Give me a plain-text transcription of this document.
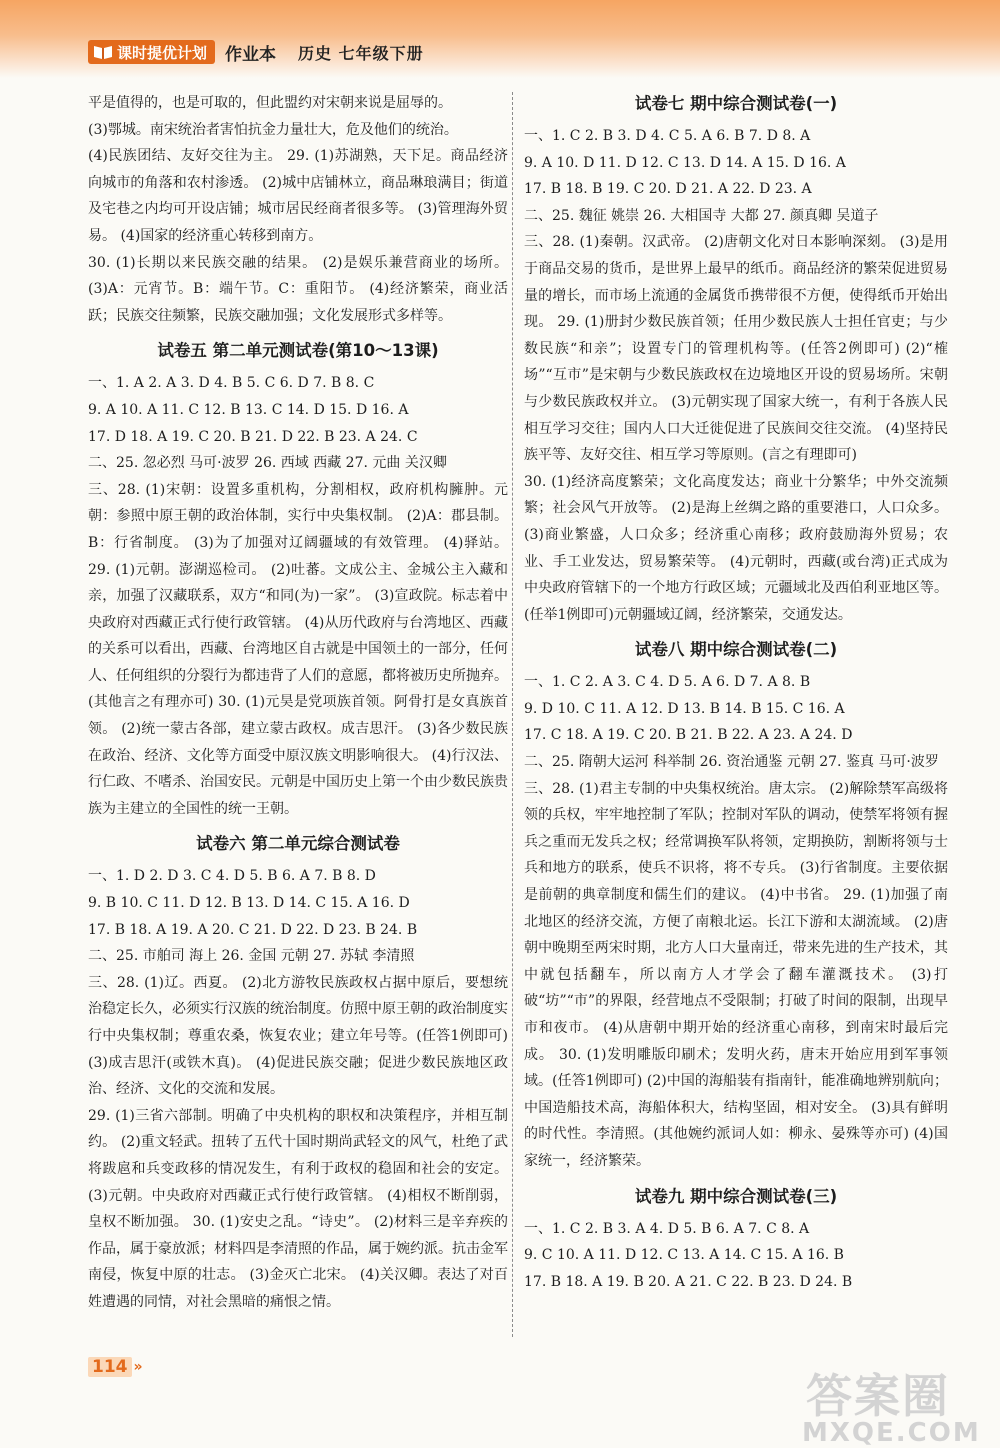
课时提优计划 作业本 历史 七年级下册

平是值得的，也是可取的，但此盟约对宋朝来说是屈辱的。

(3)鄂城。南宋统治者害怕抗金力量壮大，危及他们的统治。

(4)民族团结、友好交往为主。 29. (1)苏湖熟，天下足。商品经济向城市的角落和农村渗透。 (2)城中店铺林立，商品琳琅满目；街道及宅巷之内均可开设店铺；城市居民经商者很多等。 (3)管理海外贸易。 (4)国家的经济重心转移到南方。

30. (1)长期以来民族交融的结果。 (2)是娱乐兼营商业的场所。 (3)A：元宵节。B：端午节。C：重阳节。 (4)经济繁荣，商业活跃；民族交往频繁，民族交融加强；文化发展形式多样等。

试卷五 第二单元测试卷(第10～13课)

一、1. A 2. A 3. D 4. B 5. C 6. D 7. B 8. C

9. A 10. A 11. C 12. B 13. C 14. D 15. D 16. A

17. D 18. A 19. C 20. B 21. D 22. B 23. A 24. C

二、25. 忽必烈 马可·波罗 26. 西域 西藏 27. 元曲 关汉卿

三、28. (1)宋朝：设置多重机构，分割相权，政府机构臃肿。元朝：参照中原王朝的政治体制，实行中央集权制。 (2)A：郡县制。B：行省制度。 (3)为了加强对辽阔疆域的有效管理。 (4)驿站。 29. (1)元朝。澎湖巡检司。 (2)吐蕃。文成公主、金城公主入藏和亲，加强了汉藏联系，双方“和同(为)一家”。 (3)宣政院。标志着中央政府对西藏正式行使行政管辖。 (4)从历代政府与台湾地区、西藏的关系可以看出，西藏、台湾地区自古就是中国领土的一部分，任何人、任何组织的分裂行为都违背了人们的意愿，都将被历史所抛弃。(其他言之有理亦可) 30. (1)元昊是党项族首领。阿骨打是女真族首领。 (2)统一蒙古各部，建立蒙古政权。成吉思汗。 (3)各少数民族在政治、经济、文化等方面受中原汉族文明影响很大。 (4)行汉法、行仁政、不嗜杀、治国安民。元朝是中国历史上第一个由少数民族贵族为主建立的全国性的统一王朝。

试卷六 第二单元综合测试卷

一、1. D 2. D 3. C 4. D 5. B 6. A 7. B 8. D

9. B 10. C 11. D 12. B 13. D 14. C 15. A 16. D

17. B 18. A 19. A 20. C 21. D 22. D 23. B 24. B

二、25. 市舶司 海上 26. 金国 元朝 27. 苏轼 李清照

三、28. (1)辽。西夏。 (2)北方游牧民族政权占据中原后，要想统治稳定长久，必须实行汉族的统治制度。仿照中原王朝的政治制度实行中央集权制；尊重农桑，恢复农业；建立年号等。(任答1例即可) (3)成吉思汗(或铁木真)。 (4)促进民族交融；促进少数民族地区政治、经济、文化的交流和发展。

29. (1)三省六部制。明确了中央机构的职权和决策程序，并相互制约。 (2)重文轻武。扭转了五代十国时期尚武轻文的风气，杜绝了武将跋扈和兵变政移的情况发生，有利于政权的稳固和社会的安定。 (3)元朝。中央政府对西藏正式行使行政管辖。 (4)相权不断削弱，皇权不断加强。 30. (1)安史之乱。“诗史”。 (2)材料三是辛弃疾的作品，属于豪放派；材料四是李清照的作品，属于婉约派。抗击金军南侵，恢复中原的壮志。 (3)金灭亡北宋。 (4)关汉卿。表达了对百姓遭遇的同情，对社会黑暗的痛恨之情。

试卷七 期中综合测试卷(一)

一、1. C 2. B 3. D 4. C 5. A 6. B 7. D 8. A

9. A 10. D 11. D 12. C 13. D 14. A 15. D 16. A

17. B 18. B 19. C 20. D 21. A 22. D 23. A

二、25. 魏征 姚崇 26. 大相国寺 大都 27. 颜真卿 吴道子

三、28. (1)秦朝。汉武帝。 (2)唐朝文化对日本影响深刻。 (3)是用于商品交易的货币，是世界上最早的纸币。商品经济的繁荣促进贸易量的增长，而市场上流通的金属货币携带很不方便，使得纸币开始出现。 29. (1)册封少数民族首领；任用少数民族人士担任官吏；与少数民族“和亲”；设置专门的管理机构等。(任答2例即可) (2)“榷场”“互市”是宋朝与少数民族政权在边境地区开设的贸易场所。宋朝与少数民族政权并立。 (3)元朝实现了国家大统一，有利于各族人民相互学习交往；国内人口大迁徙促进了民族间交往交流。 (4)坚持民族平等、友好交往、相互学习等原则。(言之有理即可)

30. (1)经济高度繁荣；文化高度发达；商业十分繁华；中外交流频繁；社会风气开放等。 (2)是海上丝绸之路的重要港口，人口众多。 (3)商业繁盛，人口众多；经济重心南移；政府鼓励海外贸易；农业、手工业发达，贸易繁荣等。 (4)元朝时，西藏(或台湾)正式成为中央政府管辖下的一个地方行政区域；元疆域北及西伯利亚地区等。(任举1例即可)元朝疆域辽阔，经济繁荣，交通发达。

试卷八 期中综合测试卷(二)

一、1. C 2. A 3. C 4. D 5. A 6. D 7. A 8. B

9. D 10. C 11. A 12. D 13. B 14. B 15. C 16. A

17. C 18. A 19. C 20. B 21. B 22. A 23. A 24. D

二、25. 隋朝大运河 科举制 26. 资治通鉴 元朝 27. 鉴真 马可·波罗

三、28. (1)君主专制的中央集权统治。唐太宗。 (2)解除禁军高级将领的兵权，牢牢地控制了军队；控制对军队的调动，使禁军将领有握兵之重而无发兵之权；经常调换军队将领，定期换防，割断将领与士兵和地方的联系，使兵不识将，将不专兵。 (3)行省制度。主要依据是前朝的典章制度和儒生们的建议。 (4)中书省。 29. (1)加强了南北地区的经济交流，方便了南粮北运。长江下游和太湖流域。 (2)唐朝中晚期至两宋时期，北方人口大量南迁，带来先进的生产技术，其中就包括翻车，所以南方人才学会了翻车灌溉技术。 (3)打破“坊”“市”的界限，经营地点不受限制；打破了时间的限制，出现早市和夜市。 (4)从唐朝中期开始的经济重心南移，到南宋时最后完成。 30. (1)发明雕版印刷术；发明火药，唐末开始应用到军事领域。(任答1例即可) (2)中国的海船装有指南针，能准确地辨别航向；中国造船技术高，海船体积大，结构坚固，相对安全。 (3)具有鲜明的时代性。李清照。(其他婉约派词人如：柳永、晏殊等亦可) (4)国家统一，经济繁荣。

试卷九 期中综合测试卷(三)

一、1. C 2. B 3. A 4. D 5. B 6. A 7. C 8. A

9. C 10. A 11. D 12. C 13. A 14. C 15. A 16. B

17. B 18. A 19. B 20. A 21. C 22. B 23. D 24. B

114 »
答案圈
MXQE.COM
